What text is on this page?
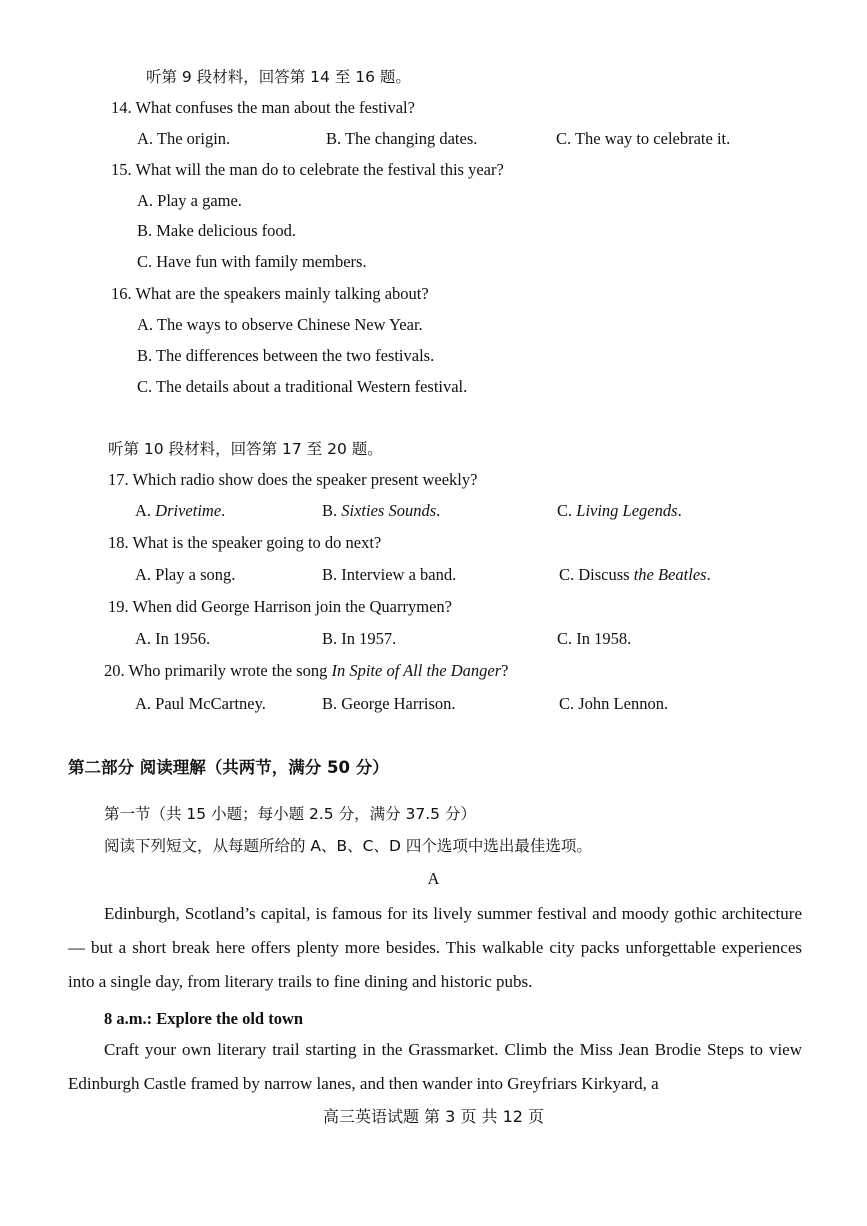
听第 9 段材料，回答第 14 至 16 题。
14. What confuses the man about the festival?
A. The origin.	B. The changing dates.	C. The way to celebrate it.
15. What will the man do to celebrate the festival this year?
A. Play a game.
B. Make delicious food.
C. Have fun with family members.
16. What are the speakers mainly talking about?
A. The ways to observe Chinese New Year.
B. The differences between the two festivals.
C. The details about a traditional Western festival.
听第 10 段材料，回答第 17 至 20 题。
17. Which radio show does the speaker present weekly?
A. Drivetime.	B. Sixties Sounds.	C. Living Legends.
18. What is the speaker going to do next?
A. Play a song.	B. Interview a band.	C. Discuss the Beatles.
19. When did George Harrison join the Quarrymen?
A. In 1956.	B. In 1957.	C. In 1958.
20. Who primarily wrote the song In Spite of All the Danger?
A. Paul McCartney.	B. George Harrison.	C. John Lennon.
第二部分 阅读理解（共两节，满分 50 分）
第一节（共 15 小题；每小题 2.5 分，满分 37.5 分）
阅读下列短文，从每题所给的 A、B、C、D 四个选项中选出最佳选项。
A
Edinburgh, Scotland’s capital, is famous for its lively summer festival and moody gothic architecture — but a short break here offers plenty more besides. This walkable city packs unforgettable experiences into a single day, from literary trails to fine dining and historic pubs.
8 a.m.: Explore the old town
Craft your own literary trail starting in the Grassmarket. Climb the Miss Jean Brodie Steps to view Edinburgh Castle framed by narrow lanes, and then wander into Greyfriars Kirkyard, a
高三英语试题 第 3 页 共 12 页
